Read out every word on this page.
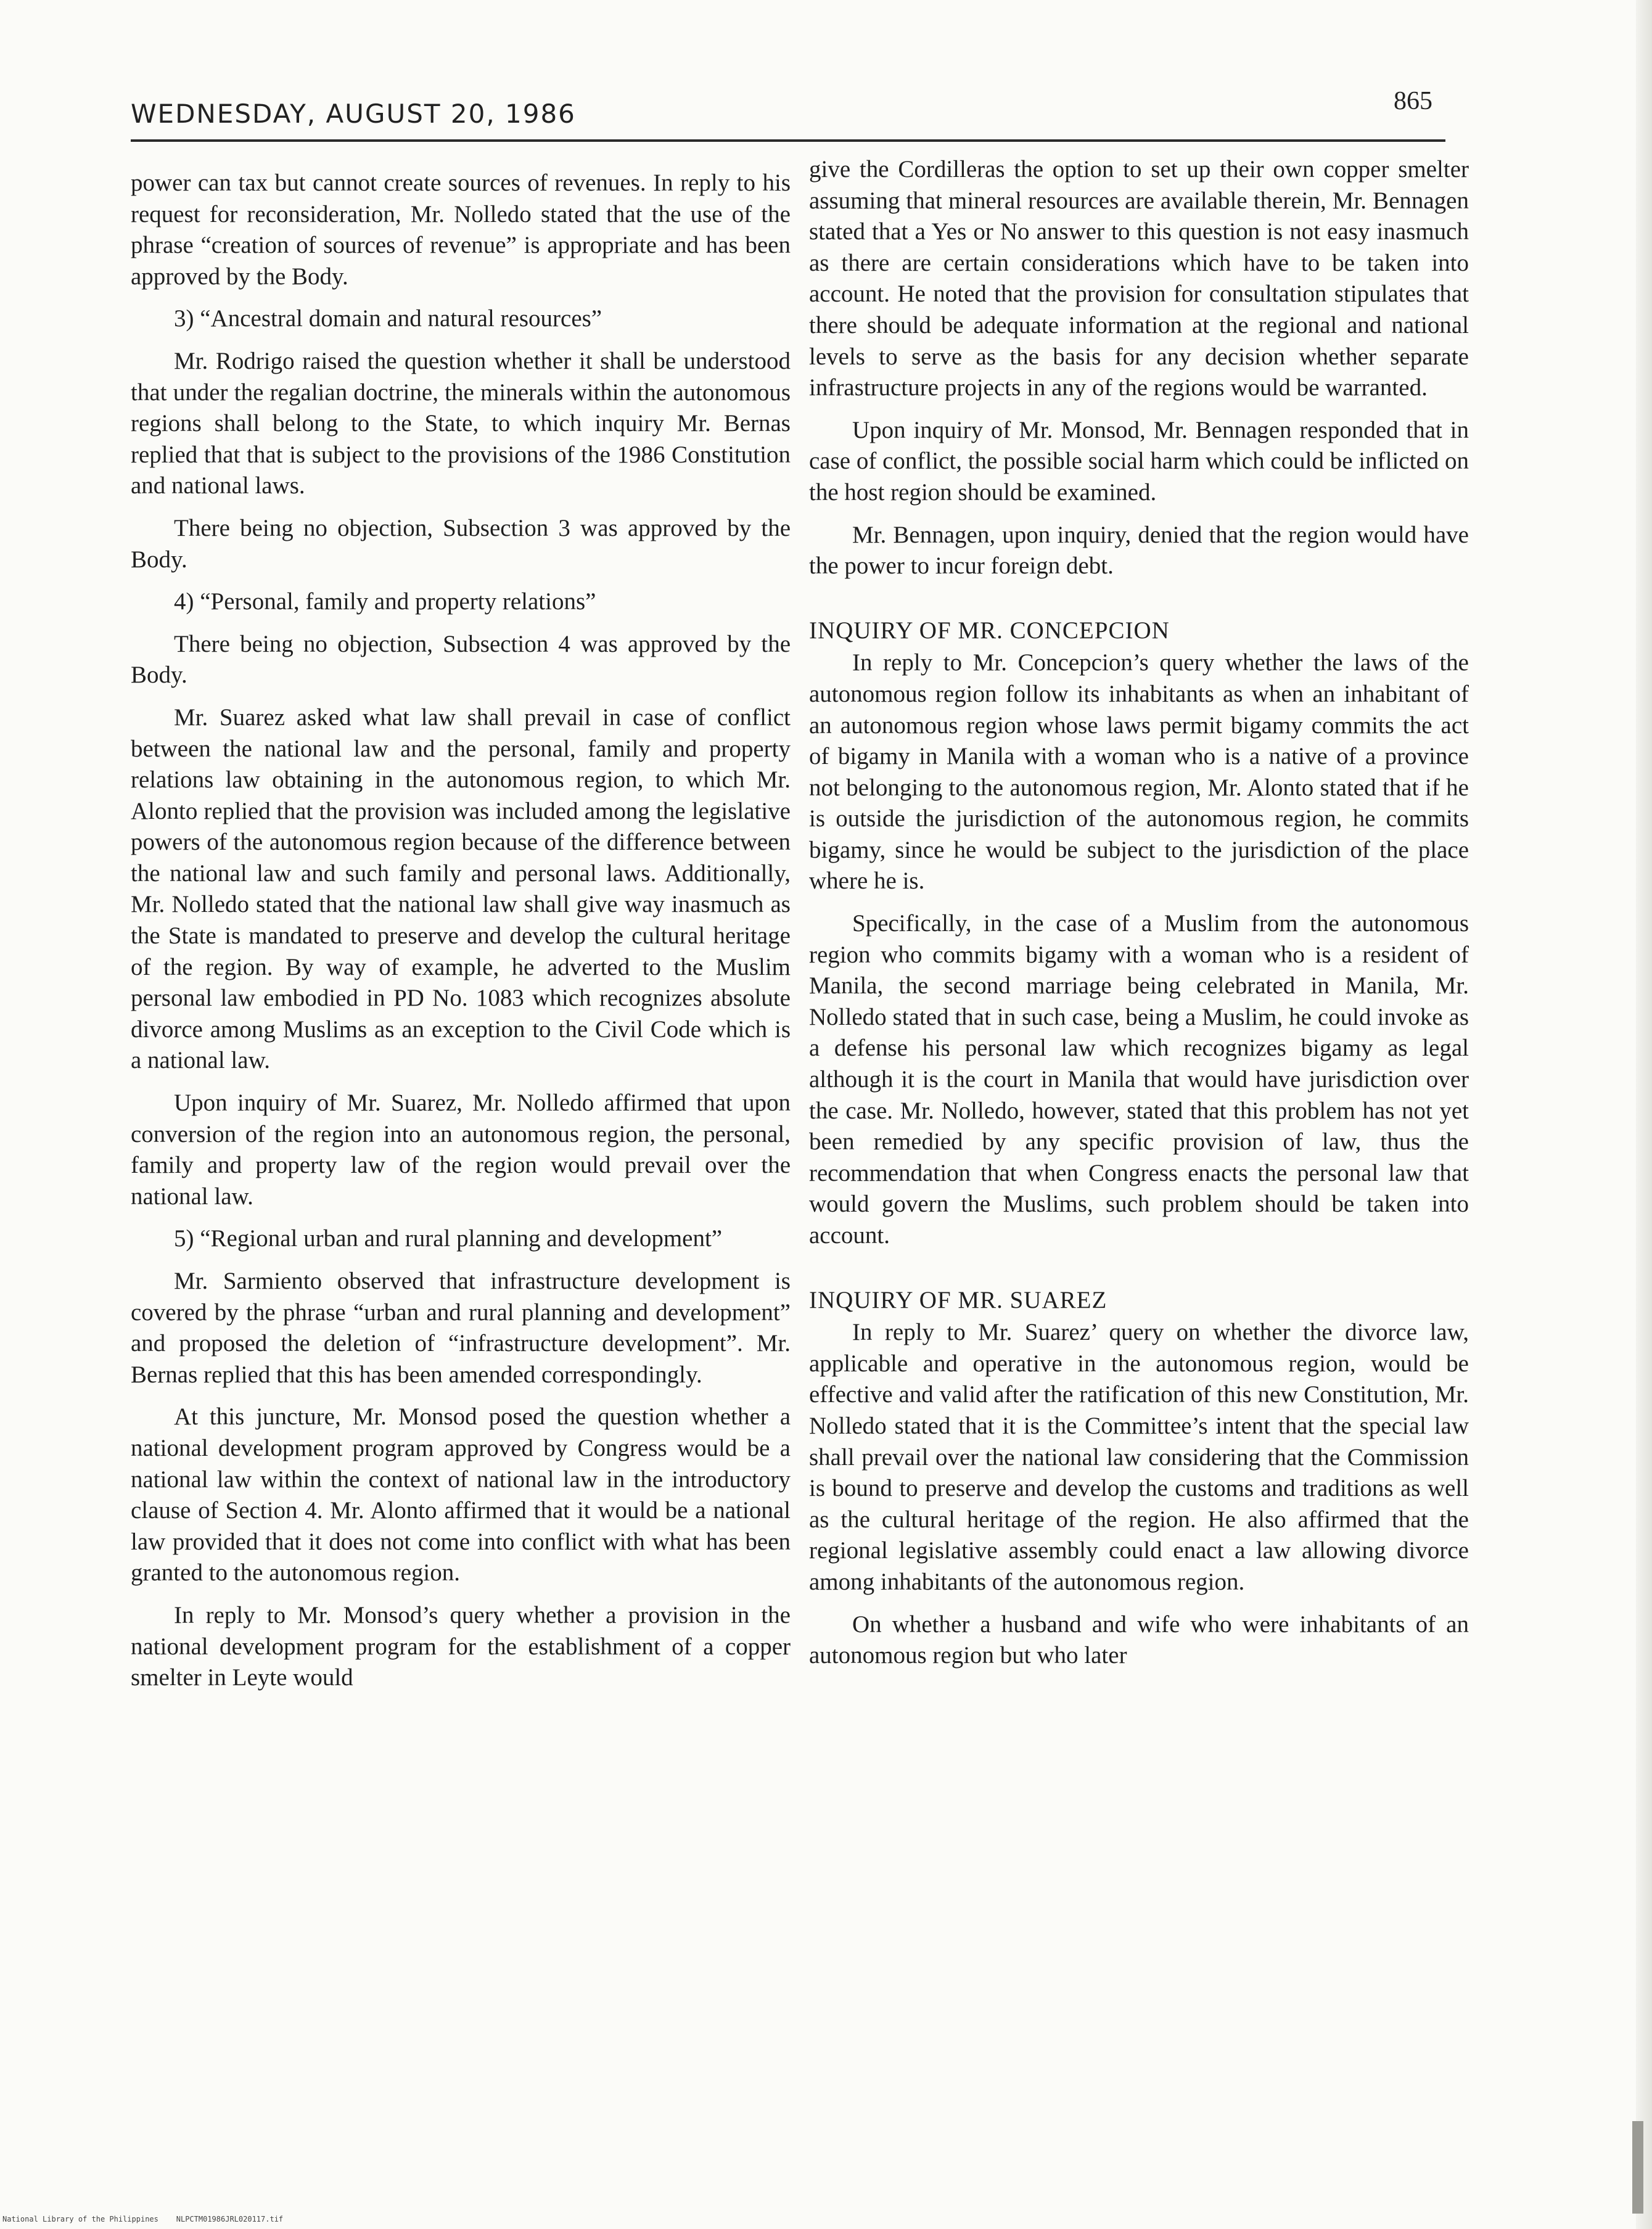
WEDNESDAY, AUGUST 20, 1986	865

power can tax but cannot create sources of revenues. In reply to his request for reconsideration, Mr. Nolledo stated that the use of the phrase “creation of sources of revenue” is appropriate and has been approved by the Body.

3) “Ancestral domain and natural resources”

Mr. Rodrigo raised the question whether it shall be understood that under the regalian doctrine, the minerals within the autonomous regions shall belong to the State, to which inquiry Mr. Bernas replied that that is subject to the provisions of the 1986 Constitution and national laws.

There being no objection, Subsection 3 was approved by the Body.

4) “Personal, family and property relations”

There being no objection, Subsection 4 was approved by the Body.

Mr. Suarez asked what law shall prevail in case of conflict between the national law and the personal, family and property relations law obtaining in the autonomous region, to which Mr. Alonto replied that the provision was included among the legislative powers of the autonomous region because of the difference between the national law and such family and personal laws. Additionally, Mr. Nolledo stated that the national law shall give way inasmuch as the State is mandated to preserve and develop the cultural heritage of the region. By way of example, he adverted to the Muslim personal law embodied in PD No. 1083 which recognizes absolute divorce among Muslims as an exception to the Civil Code which is a national law.

Upon inquiry of Mr. Suarez, Mr. Nolledo affirmed that upon conversion of the region into an autonomous region, the personal, family and property law of the region would prevail over the national law.

5) “Regional urban and rural planning and development”

Mr. Sarmiento observed that infrastructure development is covered by the phrase “urban and rural planning and development” and proposed the deletion of “infrastructure development”. Mr. Bernas replied that this has been amended correspondingly.

At this juncture, Mr. Monsod posed the question whether a national development program approved by Congress would be a national law within the context of national law in the introductory clause of Section 4. Mr. Alonto affirmed that it would be a national law provided that it does not come into conflict with what has been granted to the autonomous region.

In reply to Mr. Monsod’s query whether a provision in the national development program for the establishment of a copper smelter in Leyte would

give the Cordilleras the option to set up their own copper smelter assuming that mineral resources are available therein, Mr. Bennagen stated that a Yes or No answer to this question is not easy inasmuch as there are certain considerations which have to be taken into account. He noted that the provision for consultation stipulates that there should be adequate information at the regional and national levels to serve as the basis for any decision whether separate infrastructure projects in any of the regions would be warranted.

Upon inquiry of Mr. Monsod, Mr. Bennagen responded that in case of conflict, the possible social harm which could be inflicted on the host region should be examined.

Mr. Bennagen, upon inquiry, denied that the region would have the power to incur foreign debt.

INQUIRY OF MR. CONCEPCION

In reply to Mr. Concepcion’s query whether the laws of the autonomous region follow its inhabitants as when an inhabitant of an autonomous region whose laws permit bigamy commits the act of bigamy in Manila with a woman who is a native of a province not belonging to the autonomous region, Mr. Alonto stated that if he is outside the jurisdiction of the autonomous region, he commits bigamy, since he would be subject to the jurisdiction of the place where he is.

Specifically, in the case of a Muslim from the autonomous region who commits bigamy with a woman who is a resident of Manila, the second marriage being celebrated in Manila, Mr. Nolledo stated that in such case, being a Muslim, he could invoke as a defense his personal law which recognizes bigamy as legal although it is the court in Manila that would have jurisdiction over the case. Mr. Nolledo, however, stated that this problem has not yet been remedied by any specific provision of law, thus the recommendation that when Congress enacts the personal law that would govern the Muslims, such problem should be taken into account.

INQUIRY OF MR. SUAREZ

In reply to Mr. Suarez’ query on whether the divorce law, applicable and operative in the autonomous region, would be effective and valid after the ratification of this new Constitution, Mr. Nolledo stated that it is the Committee’s intent that the special law shall prevail over the national law considering that the Commission is bound to preserve and develop the customs and traditions as well as the cultural heritage of the region. He also affirmed that the regional legislative assembly could enact a law allowing divorce among inhabitants of the autonomous region.

On whether a husband and wife who were inhabitants of an autonomous region but who later

National Library of the Philippines    NLPCTM01986JRL020117.tif
